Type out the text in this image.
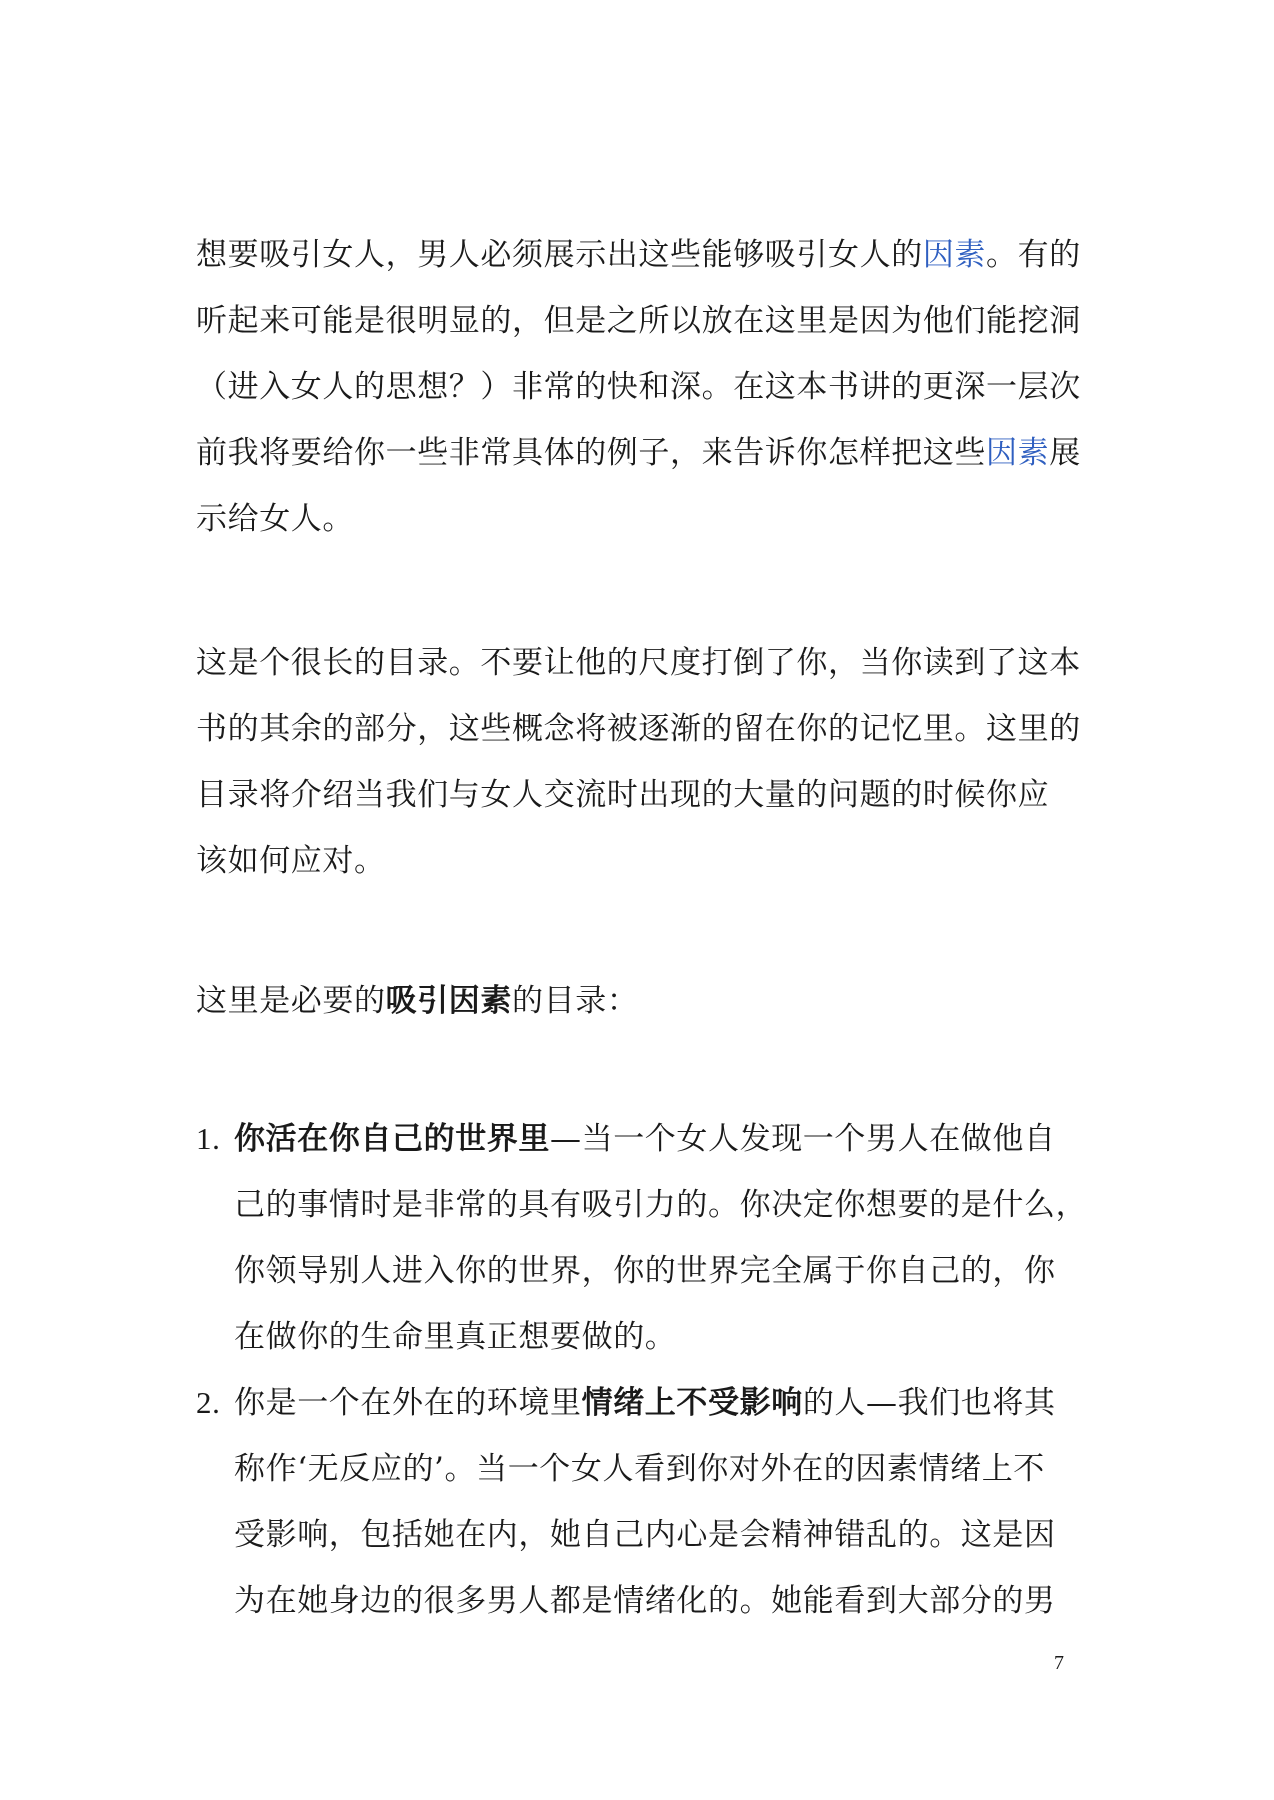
想要吸引女人，男人必须展示出这些能够吸引女人的因素。有的
听起来可能是很明显的，但是之所以放在这里是因为他们能挖洞
（进入女人的思想？）非常的快和深。在这本书讲的更深一层次
前我将要给你一些非常具体的例子，来告诉你怎样把这些因素展
示给女人。
这是个很长的目录。不要让他的尺度打倒了你，当你读到了这本
书的其余的部分，这些概念将被逐渐的留在你的记忆里。这里的
目录将介绍当我们与女人交流时出现的大量的问题的时候你应
该如何应对。
这里是必要的吸引因素的目录：
1. 你活在你自己的世界里—当一个女人发现一个男人在做他自
己的事情时是非常的具有吸引力的。你决定你想要的是什么，
你领导别人进入你的世界，你的世界完全属于你自己的，你
在做你的生命里真正想要做的。
2. 你是一个在外在的环境里情绪上不受影响的人—我们也将其
称作‘无反应的’。当一个女人看到你对外在的因素情绪上不
受影响，包括她在内，她自己内心是会精神错乱的。这是因
为在她身边的很多男人都是情绪化的。她能看到大部分的男
7
